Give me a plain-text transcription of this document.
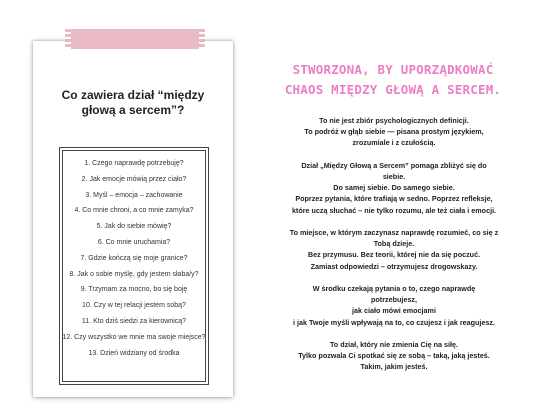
Co zawiera dział “między
głową a sercem”?
1. Czego naprawdę potrzebuję?
2. Jak emocje mówią przez ciało?
3. Myśl – emocja – zachowanie
4. Co mnie chroni, a co mnie zamyka?
5. Jak do siebie mówię?
6. Co mnie uruchamia?
7. Gdzie kończą się moje granice?
8. Jak o sobie myślę, gdy jestem słaba/y?
9. Trzymam za mocno, bo się boję
10. Czy w tej relacji jestem sobą?
11. Kto dziś siedzi za kierownicą?
12. Czy wszystko we mnie ma swoje miejsce?
13. Dzień widziany od środka
STWORZONA, BY UPORZĄDKOWAĆ
CHAOS MIĘDZY GŁOWĄ A SERCEM.
To nie jest zbiór psychologicznych definicji.
To podróż w głąb siebie — pisana prostym językiem,
zrozumiale i z czułością.
Dział „Między Głową a Sercem” pomaga zbliżyć się do
siebie.
Do samej siebie. Do samego siebie.
Poprzez pytania, które trafiają w sedno. Poprzez refleksje,
które uczą słuchać – nie tylko rozumu, ale też ciała i emocji.
To miejsce, w którym zaczynasz naprawdę rozumieć, co się z
Tobą dzieje.
Bez przymusu. Bez teorii, której nie da się poczuć.
Zamiast odpowiedzi – otrzymujesz drogowskazy.
W środku czekają pytania o to, czego naprawdę
potrzebujesz,
jak ciało mówi emocjami
i jak Twoje myśli wpływają na to, co czujesz i jak reagujesz.
To dział, który nie zmienia Cię na siłę.
Tylko pozwala Ci spotkać się ze sobą – taką, jaką jesteś.
Takim, jakim jesteś.
